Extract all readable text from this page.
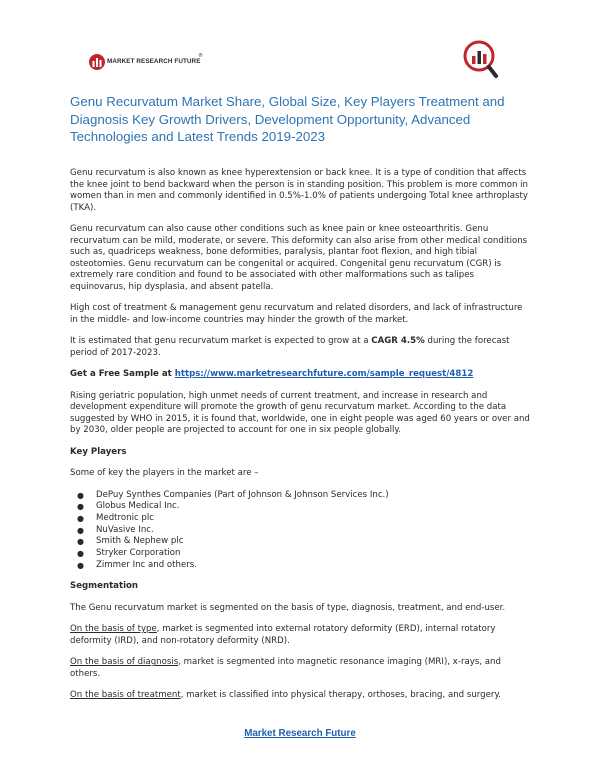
MARKET RESEARCH FUTURE
®
Genu Recurvatum Market Share, Global Size, Key Players Treatment and Diagnosis Key Growth Drivers, Development Opportunity, Advanced Technologies and Latest Trends 2019-2023

Genu recurvatum is also known as knee hyperextension or back knee. It is a type of condition that affects the knee joint to bend backward when the person is in standing position. This problem is more common in women than in men and commonly identified in 0.5%-1.0% of patients undergoing Total knee arthroplasty (TKA).

Genu recurvatum can also cause other conditions such as knee pain or knee osteoarthritis. Genu recurvatum can be mild, moderate, or severe. This deformity can also arise from other medical conditions such as, quadriceps weakness, bone deformities, paralysis, plantar foot flexion, and high tibial osteotomies. Genu recurvatum can be congenital or acquired. Congenital genu recurvatum (CGR) is extremely rare condition and found to be associated with other malformations such as talipes equinovarus, hip dysplasia, and absent patella.

High cost of treatment & management genu recurvatum and related disorders, and lack of infrastructure in the middle- and low-income countries may hinder the growth of the market.

It is estimated that genu recurvatum market is expected to grow at a CAGR 4.5% during the forecast period of 2017-2023.

Get a Free Sample at https://www.marketresearchfuture.com/sample_request/4812

Rising geriatric population, high unmet needs of current treatment, and increase in research and development expenditure will promote the growth of genu recurvatum market. According to the data suggested by WHO in 2015, it is found that, worldwide, one in eight people was aged 60 years or over and by 2030, older people are projected to account for one in six people globally.

Key Players

Some of key the players in the market are –

● DePuy Synthes Companies (Part of Johnson & Johnson Services Inc.)
● Globus Medical Inc.
● Medtronic plc
● NuVasive Inc.
● Smith & Nephew plc
● Stryker Corporation
● Zimmer Inc and others.

Segmentation

The Genu recurvatum market is segmented on the basis of type, diagnosis, treatment, and end-user.

On the basis of type, market is segmented into external rotatory deformity (ERD), internal rotatory deformity (IRD), and non-rotatory deformity (NRD).

On the basis of diagnosis, market is segmented into magnetic resonance imaging (MRI), x-rays, and others.

On the basis of treatment, market is classified into physical therapy, orthoses, bracing, and surgery.

Market Research Future
